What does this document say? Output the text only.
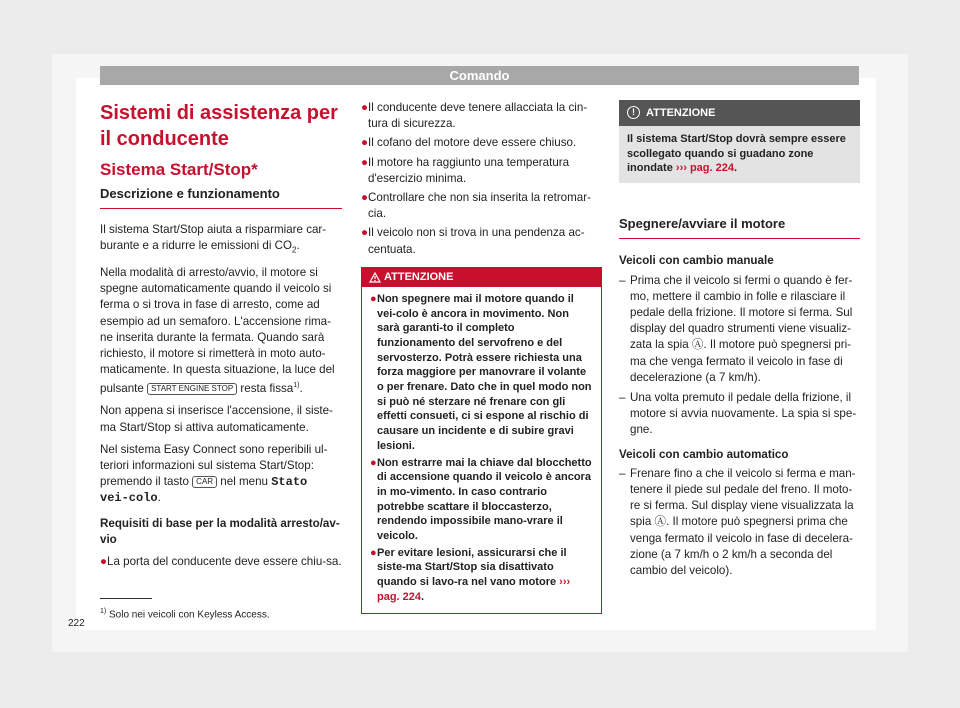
Comando
Sistemi di assistenza per il conducente
Sistema Start/Stop*
Descrizione e funzionamento

Il sistema Start/Stop aiuta a risparmiare car-burante e a ridurre le emissioni di $CO_2$.

Nella modalità di arresto/avvio, il motore si spegne automaticamente quando il veicolo si ferma o si trova in fase di arresto, come ad esempio ad un semaforo. L'accensione rima-ne inserita durante la fermata. Quando sarà richiesto, il motore si rimetterà in moto auto-maticamente. In questa situazione, la luce del pulsante START ENGINE STOP resta fissa$^{1)}$.

Non appena si inserisce l'accensione, il siste-ma Start/Stop si attiva automaticamente.

Nel sistema Easy Connect sono reperibili ul-teriori informazioni sul sistema Start/Stop: premendo il tasto CAR nel menu Stato vei-colo.

Requisiti di base per la modalità arresto/av-vio

● La porta del conducente deve essere chiu-sa.
● Il conducente deve tenere allacciata la cin-tura di sicurezza.
● Il cofano del motore deve essere chiuso.
● Il motore ha raggiunto una temperatura d'esercizio minima.
● Controllare che non sia inserita la retromar-cia.
● Il veicolo non si trova in una pendenza ac-centuata.
ATTENZIONE
● Non spegnere mai il motore quando il vei-colo è ancora in movimento. Non sarà garanti-to il completo funzionamento del servofreno e del servosterzo. Potrà essere richiesta una forza maggiore per manovrare il volante o per frenare. Dato che in quel modo non si può né sterzare né frenare con gli effetti consueti, ci si espone al rischio di causare un incidente e di subire gravi lesioni.
● Non estrarre mai la chiave dal blocchetto di accensione quando il veicolo è ancora in mo-vimento. In caso contrario potrebbe scattare il bloccasterzo, rendendo impossibile mano-vrare il veicolo.
● Per evitare lesioni, assicurarsi che il siste-ma Start/Stop sia disattivato quando si lavo-ra nel vano motore ››› pag. 224.
!	ATTENZIONE
Il sistema Start/Stop dovrà sempre essere scollegato quando si guadano zone inondate ››› pag. 224.
Spegnere/avviare il motore

Veicoli con cambio manuale

– Prima che il veicolo si fermi o quando è fer-mo, mettere il cambio in folle e rilasciare il pedale della frizione. Il motore si ferma. Sul display del quadro strumenti viene visualiz-zata la spia Ⓐ. Il motore può spegnersi pri-ma che venga fermato il veicolo in fase di decelerazione (a 7 km/h).
– Una volta premuto il pedale della frizione, il motore si avvia nuovamente. La spia si spe-gne.

Veicoli con cambio automatico

– Frenare fino a che il veicolo si ferma e man-tenere il piede sul pedale del freno. Il moto-re si ferma. Sul display viene visualizzata la spia Ⓐ. Il motore può spegnersi prima che venga fermato il veicolo in fase di decelera-zione (a 7 km/h o 2 km/h a seconda del cambio del veicolo).
$^{1)}$ Solo nei veicoli con Keyless Access.
222
